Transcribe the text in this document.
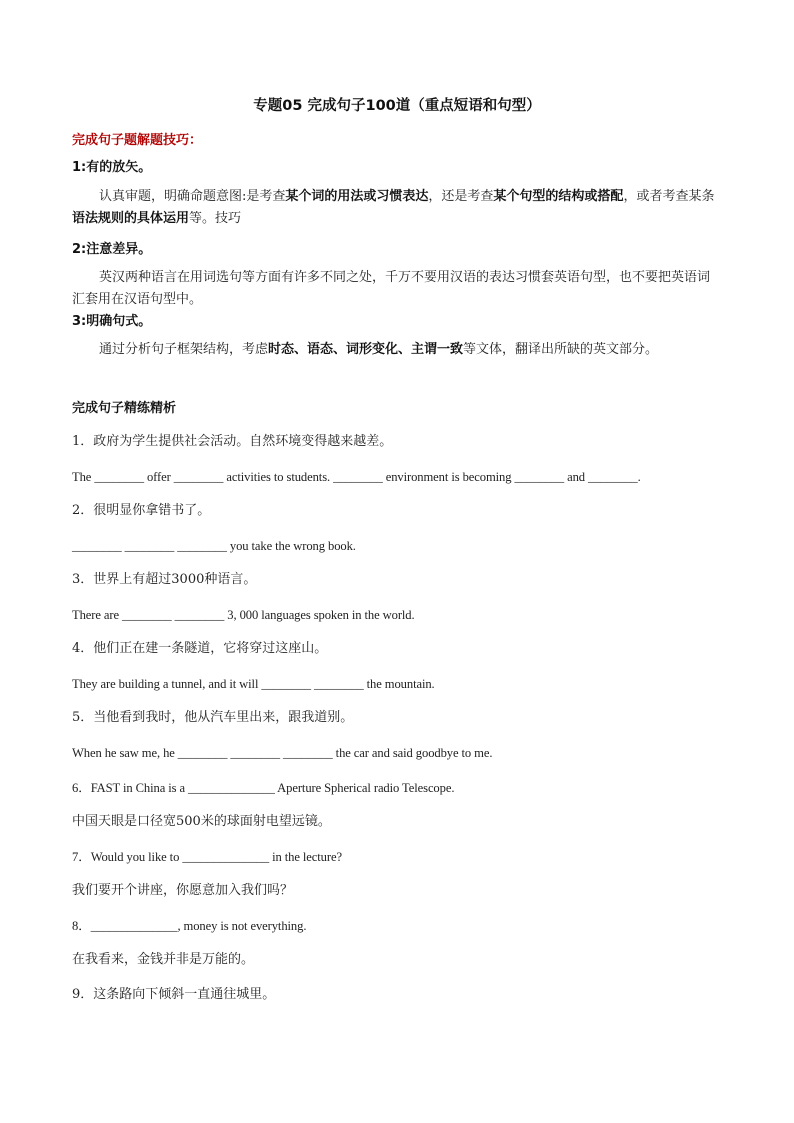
专题05 完成句子100道（重点短语和句型）
完成句子题解题技巧：
1:有的放矢。
认真审题，明确命题意图:是考查某个词的用法或习惯表达，还是考查某个句型的结构或搭配，或者考查某条语法规则的具体运用等。技巧
2:注意差异。
英汉两种语言在用词选句等方面有许多不同之处，千万不要用汉语的表达习惯套英语句型，也不要把英语词汇套用在汉语句型中。
3:明确句式。
通过分析句子框架结构，考虑时态、语态、词形变化、主谓一致等文体，翻译出所缺的英文部分。
完成句子精练精析
1．政府为学生提供社会活动。自然环境变得越来越差。
The ________ offer ________ activities to students. ________ environment is becoming ________ and ________.
2．很明显你拿错书了。
________ ________ ________ you take the wrong book.
3．世界上有超过3000种语言。
There are ________ ________ 3, 000 languages spoken in the world.
4．他们正在建一条隧道，它将穿过这座山。
They are building a tunnel, and it will ________ ________ the mountain.
5．当他看到我时，他从汽车里出来，跟我道别。
When he saw me, he ________ ________ ________ the car and said goodbye to me.
6．FAST in China is a ______________ Aperture Spherical radio Telescope.
中国天眼是口径宽500米的球面射电望远镜。
7．Would you like to ______________ in the lecture?
我们要开个讲座，你愿意加入我们吗？
8．______________, money is not everything.
在我看来，金钱并非是万能的。
9．这条路向下倾斜一直通往城里。
